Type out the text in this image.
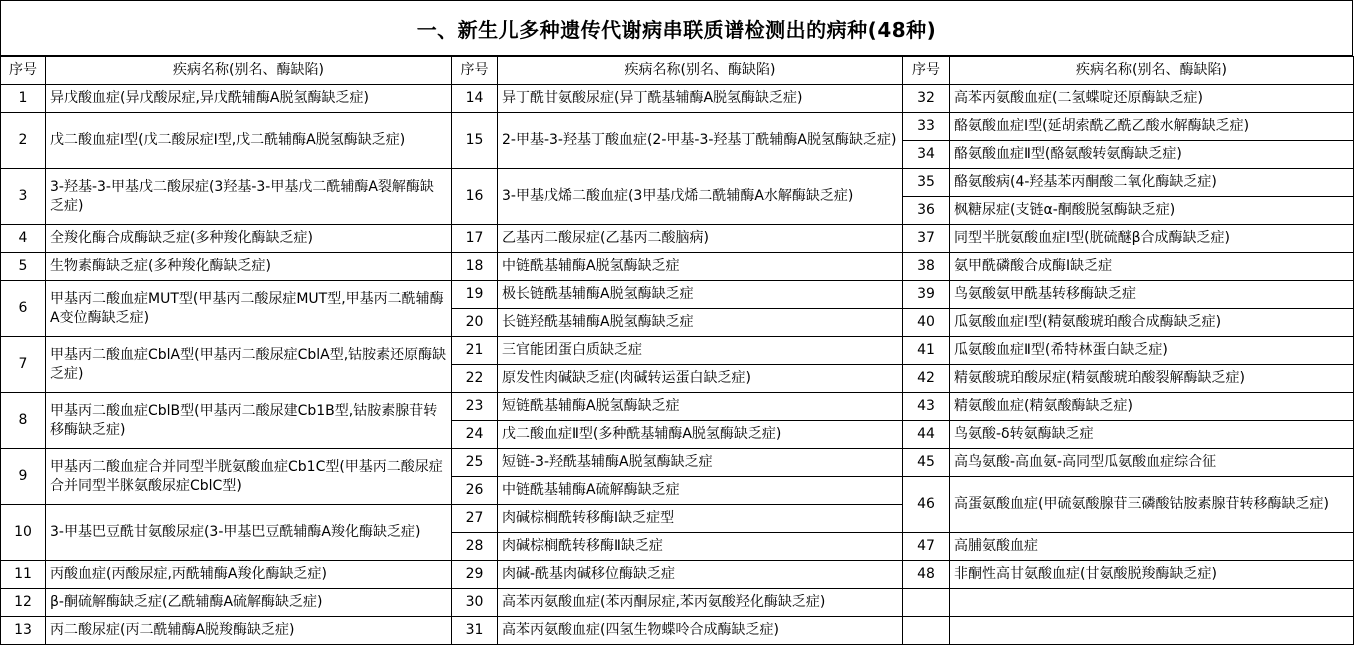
一、新生儿多种遗传代谢病串联质谱检测出的病种(48种)
序号	疾病名称(别名、酶缺陷)	序号	疾病名称(别名、酶缺陷)	序号	疾病名称(别名、酶缺陷)
1	异戊酸血症(异戊酸尿症,异戊酰辅酶A脱氢酶缺乏症)	14	异丁酰甘氨酸尿症(异丁酰基辅酶A脱氢酶缺乏症)	32	高苯丙氨酸血症(二氢蝶啶还原酶缺乏症)
2	戊二酸血症I型(戊二酸尿症I型,戊二酰辅酶A脱氢酶缺乏症)	15	2-甲基-3-羟基丁酸血症(2-甲基-3-羟基丁酰辅酶A脱氢酶缺乏症)	33	酪氨酸血症I型(延胡索酰乙酰乙酸水解酶缺乏症)
				34	酪氨酸血症Ⅱ型(酪氨酸转氨酶缺乏症)
3	3-羟基-3-甲基戊二酸尿症(3羟基-3-甲基戊二酰辅酶A裂解酶缺乏症)	16	3-甲基戊烯二酸血症(3甲基戊烯二酰辅酶A水解酶缺乏症)	35	酪氨酸病(4-羟基苯丙酮酸二氧化酶缺乏症)
				36	枫糖尿症(支链α-酮酸脱氢酶缺乏症)
4	全羧化酶合成酶缺乏症(多种羧化酶缺乏症)	17	乙基丙二酸尿症(乙基丙二酸脑病)	37	同型半胱氨酸血症I型(胱硫醚β合成酶缺乏症)
5	生物素酶缺乏症(多种羧化酶缺乏症)	18	中链酰基辅酶A脱氢酶缺乏症	38	氨甲酰磷酸合成酶I缺乏症
6	甲基丙二酸血症MUT型(甲基丙二酸尿症MUT型,甲基丙二酰辅酶A变位酶缺乏症)	19	极长链酰基辅酶A脱氢酶缺乏症	39	鸟氨酸氨甲酰基转移酶缺乏症
		20	长链羟酰基辅酶A脱氢酶缺乏症	40	瓜氨酸血症I型(精氨酸琥珀酸合成酶缺乏症)
7	甲基丙二酸血症CblA型(甲基丙二酸尿症CblA型,钴胺素还原酶缺乏症)	21	三官能团蛋白质缺乏症	41	瓜氨酸血症Ⅱ型(希特林蛋白缺乏症)
		22	原发性肉碱缺乏症(肉碱转运蛋白缺乏症)	42	精氨酸琥珀酸尿症(精氨酸琥珀酸裂解酶缺乏症)
8	甲基丙二酸血症CblB型(甲基丙二酸尿建Cb1B型,钴胺素腺苷转移酶缺乏症)	23	短链酰基辅酶A脱氢酶缺乏症	43	精氨酸血症(精氨酸酶缺乏症)
		24	戊二酸血症Ⅱ型(多种酰基辅酶A脱氢酶缺乏症)	44	鸟氨酸-δ转氨酶缺乏症
9	甲基丙二酸血症合并同型半胱氨酸血症Cb1C型(甲基丙二酸尿症合并同型半脒氨酸尿症CblC型)	25	短链-3-羟酰基辅酶A脱氢酶缺乏症	45	高鸟氨酸-高血氨-高同型瓜氨酸血症综合征
		26	中链酰基辅酶A硫解酶缺乏症	46	高蛋氨酸血症(甲硫氨酸腺苷三磷酸钴胺素腺苷转移酶缺乏症)
10	3-甲基巴豆酰甘氨酸尿症(3-甲基巴豆酰辅酶A羧化酶缺乏症)	27	肉碱棕榈酰转移酶I缺乏症型		
		28	肉碱棕榈酰转移酶Ⅱ缺乏症	47	高脯氨酸血症
11	丙酸血症(丙酸尿症,丙酰辅酶A羧化酶缺乏症)	29	肉碱-酰基肉碱移位酶缺乏症	48	非酮性高甘氨酸血症(甘氨酸脱羧酶缺乏症)
12	β-酮硫解酶缺乏症(乙酰辅酶A硫解酶缺乏症)	30	高苯丙氨酸血症(苯丙酮尿症,苯丙氨酸羟化酶缺乏症)		
13	丙二酸尿症(丙二酰辅酶A脱羧酶缺乏症)	31	高苯丙氨酸血症(四氢生物蝶呤合成酶缺乏症)		
